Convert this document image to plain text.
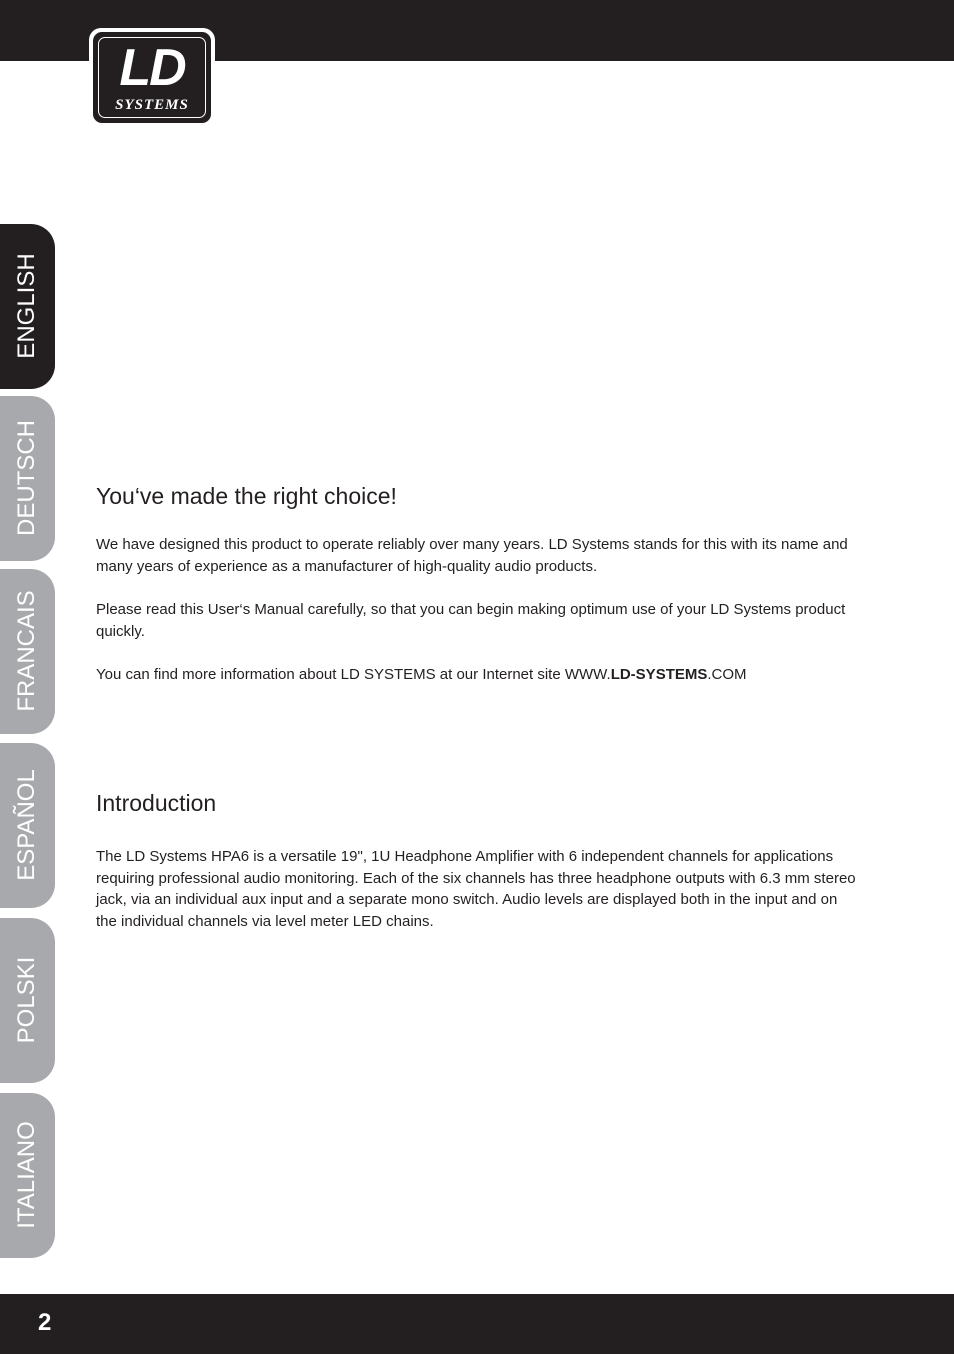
LD
SYSTEMS
ENGLISH
DEUTSCH
FRANCAIS
ESPAÑOL
POLSKI
ITALIANO
You‘ve made the right choice!

We have designed this product to operate reliably over many years. LD Systems stands for this with its name and many years of experience as a manufacturer of high-quality audio products.

Please read this User‘s Manual carefully, so that you can begin making optimum use of your LD Systems product quickly.

You can find more information about LD SYSTEMS at our Internet site WWW.LD-SYSTEMS.COM

Introduction

The LD Systems HPA6 is a versatile 19", 1U Headphone Amplifier with 6 independent channels for applications requiring professional audio monitoring. Each of the six channels has three headphone outputs with 6.3 mm stereo jack, via an individual aux input and a separate mono switch. Audio levels are displayed both in the input and on the individual channels via level meter LED chains.

2
